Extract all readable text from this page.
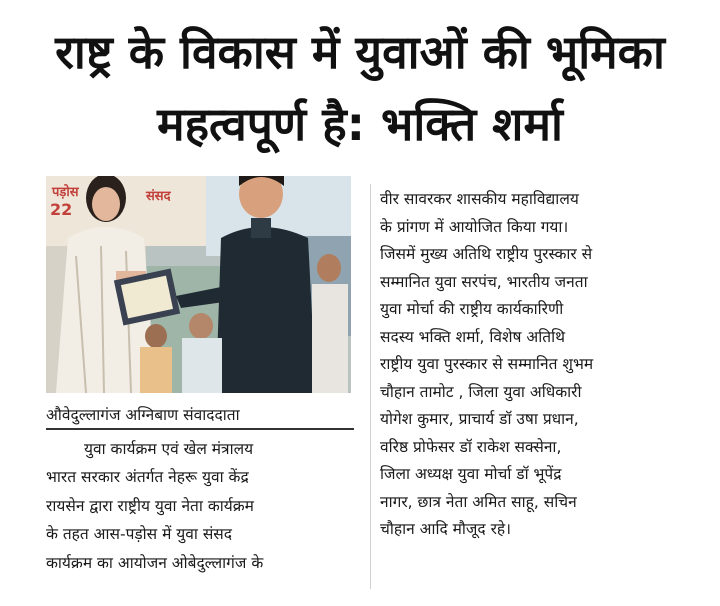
राष्ट्र के विकास में युवाओं की भूमिका
महत्वपूर्ण है: भक्ति शर्मा
पड़ोस	संसद
22
औवेदुल्लागंज अग्निबाण संवाददाता
युवा कार्यक्रम एवं खेल मंत्रालय
भारत सरकार अंतर्गत नेहरू युवा केंद्र
रायसेन द्वारा राष्ट्रीय युवा नेता कार्यक्रम
के तहत आस-पड़ोस में युवा संसद
कार्यक्रम का आयोजन ओबेदुल्लागंज के
वीर सावरकर शासकीय महाविद्यालय
के प्रांगण में आयोजित किया गया।
जिसमें मुख्य अतिथि राष्ट्रीय पुरस्कार से
सम्मानित युवा सरपंच, भारतीय जनता
युवा मोर्चा की राष्ट्रीय कार्यकारिणी
सदस्य भक्ति शर्मा, विशेष अतिथि
राष्ट्रीय युवा पुरस्कार से सम्मानित शुभम
चौहान तामोट , जिला युवा अधिकारी
योगेश कुमार, प्राचार्य डॉ उषा प्रधान,
वरिष्ठ प्रोफेसर डॉ राकेश सक्सेना,
जिला अध्यक्ष युवा मोर्चा डॉ भूपेंद्र
नागर, छात्र नेता अमित साहू, सचिन
चौहान आदि मौजूद रहे।
